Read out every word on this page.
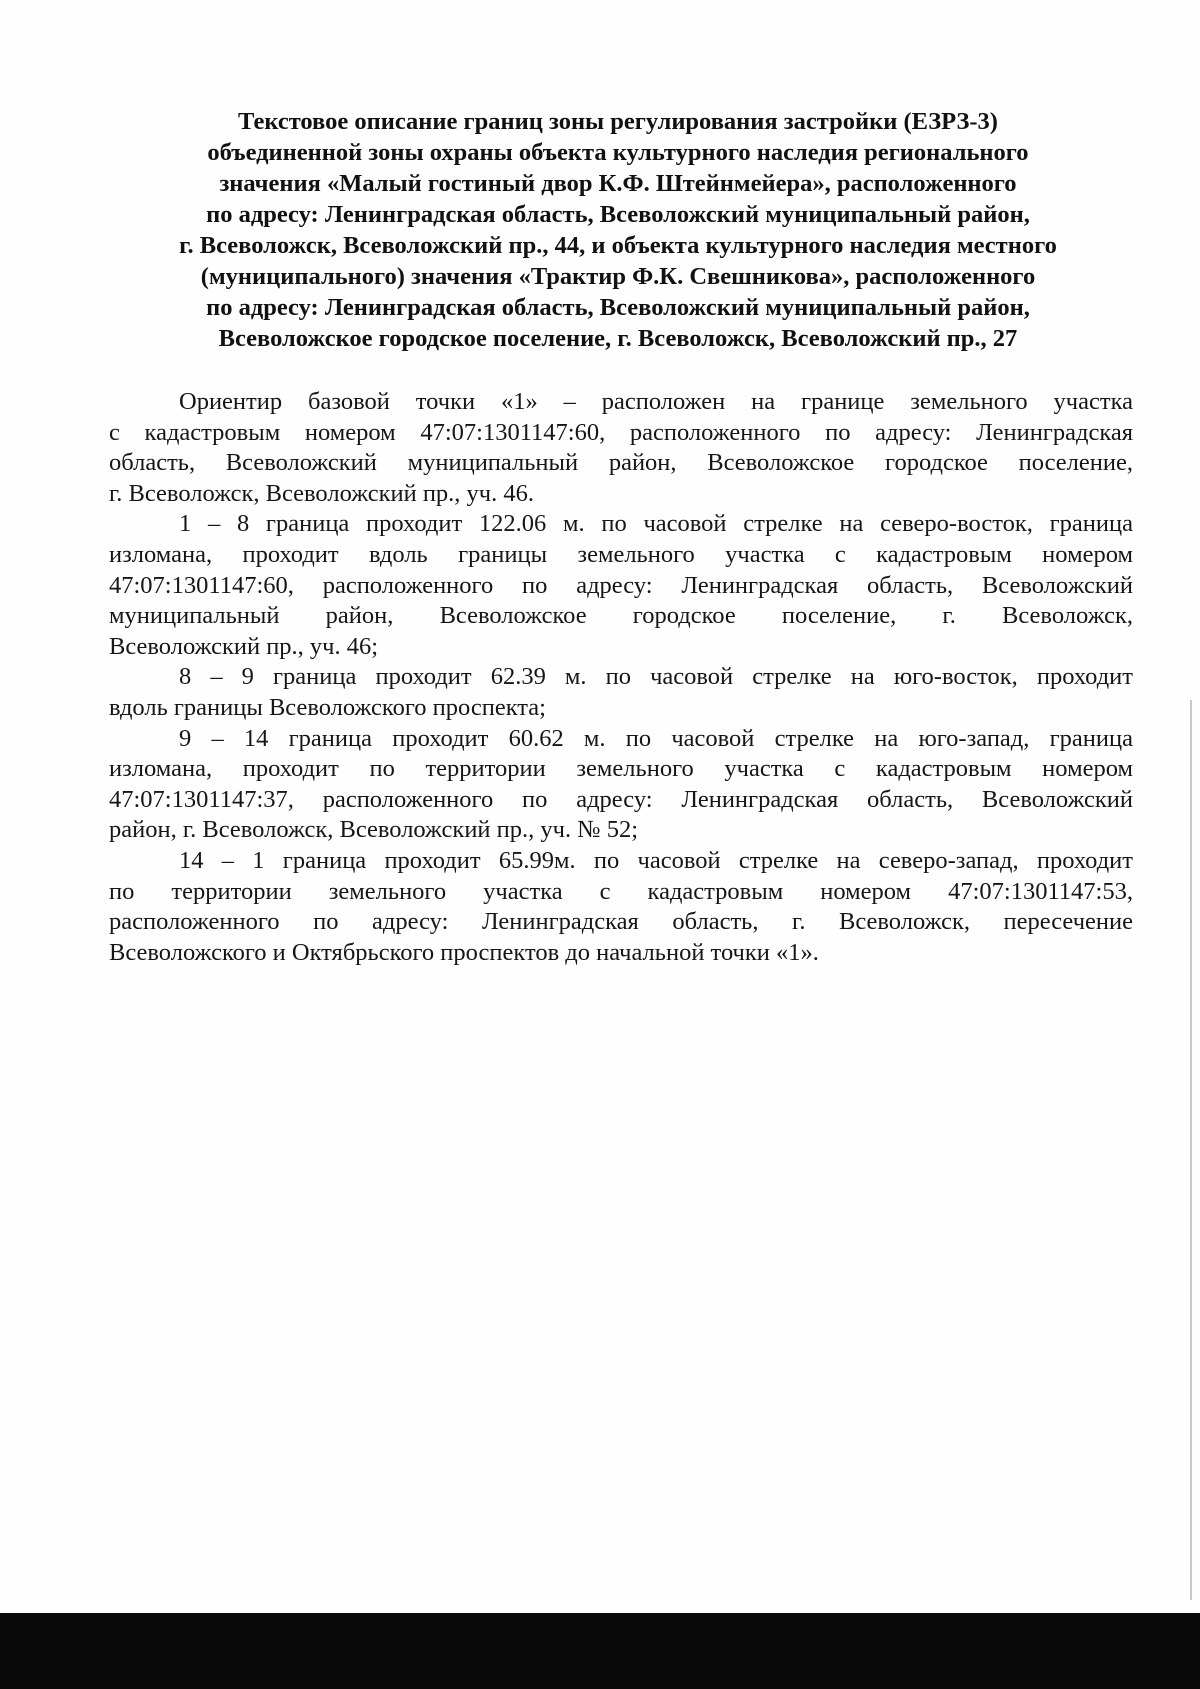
Текстовое описание границ зоны регулирования застройки (ЕЗРЗ-3)
объединенной зоны охраны объекта культурного наследия регионального
значения «Малый гостиный двор К.Ф. Штейнмейера», расположенного
по адресу: Ленинградская область, Всеволожский муниципальный район,
г. Всеволожск, Всеволожский пр., 44, и объекта культурного наследия местного
(муниципального) значения «Трактир Ф.К. Свешникова», расположенного
по адресу: Ленинградская область, Всеволожский муниципальный район,
Всеволожское городское поселение, г. Всеволожск, Всеволожский пр., 27
Ориентир базовой точки «1» – расположен на границе земельного участка
с кадастровым номером 47:07:1301147:60, расположенного по адресу: Ленинградская
область, Всеволожский муниципальный район, Всеволожское городское поселение,
г. Всеволожск, Всеволожский пр., уч. 46.
1 – 8 граница проходит 122.06 м. по часовой стрелке на северо-восток, граница
изломана, проходит вдоль границы земельного участка с кадастровым номером
47:07:1301147:60, расположенного по адресу: Ленинградская область, Всеволожский
муниципальный район, Всеволожское городское поселение, г. Всеволожск,
Всеволожский пр., уч. 46;
8 – 9 граница проходит 62.39 м. по часовой стрелке на юго-восток, проходит
вдоль границы Всеволожского проспекта;
9 – 14 граница проходит 60.62 м. по часовой стрелке на юго-запад, граница
изломана, проходит по территории земельного участка с кадастровым номером
47:07:1301147:37, расположенного по адресу: Ленинградская область, Всеволожский
район, г. Всеволожск, Всеволожский пр., уч. № 52;
14 – 1 граница проходит 65.99м. по часовой стрелке на северо-запад, проходит
по территории земельного участка с кадастровым номером 47:07:1301147:53,
расположенного по адресу: Ленинградская область, г. Всеволожск, пересечение
Всеволожского и Октябрьского проспектов до начальной точки «1».
